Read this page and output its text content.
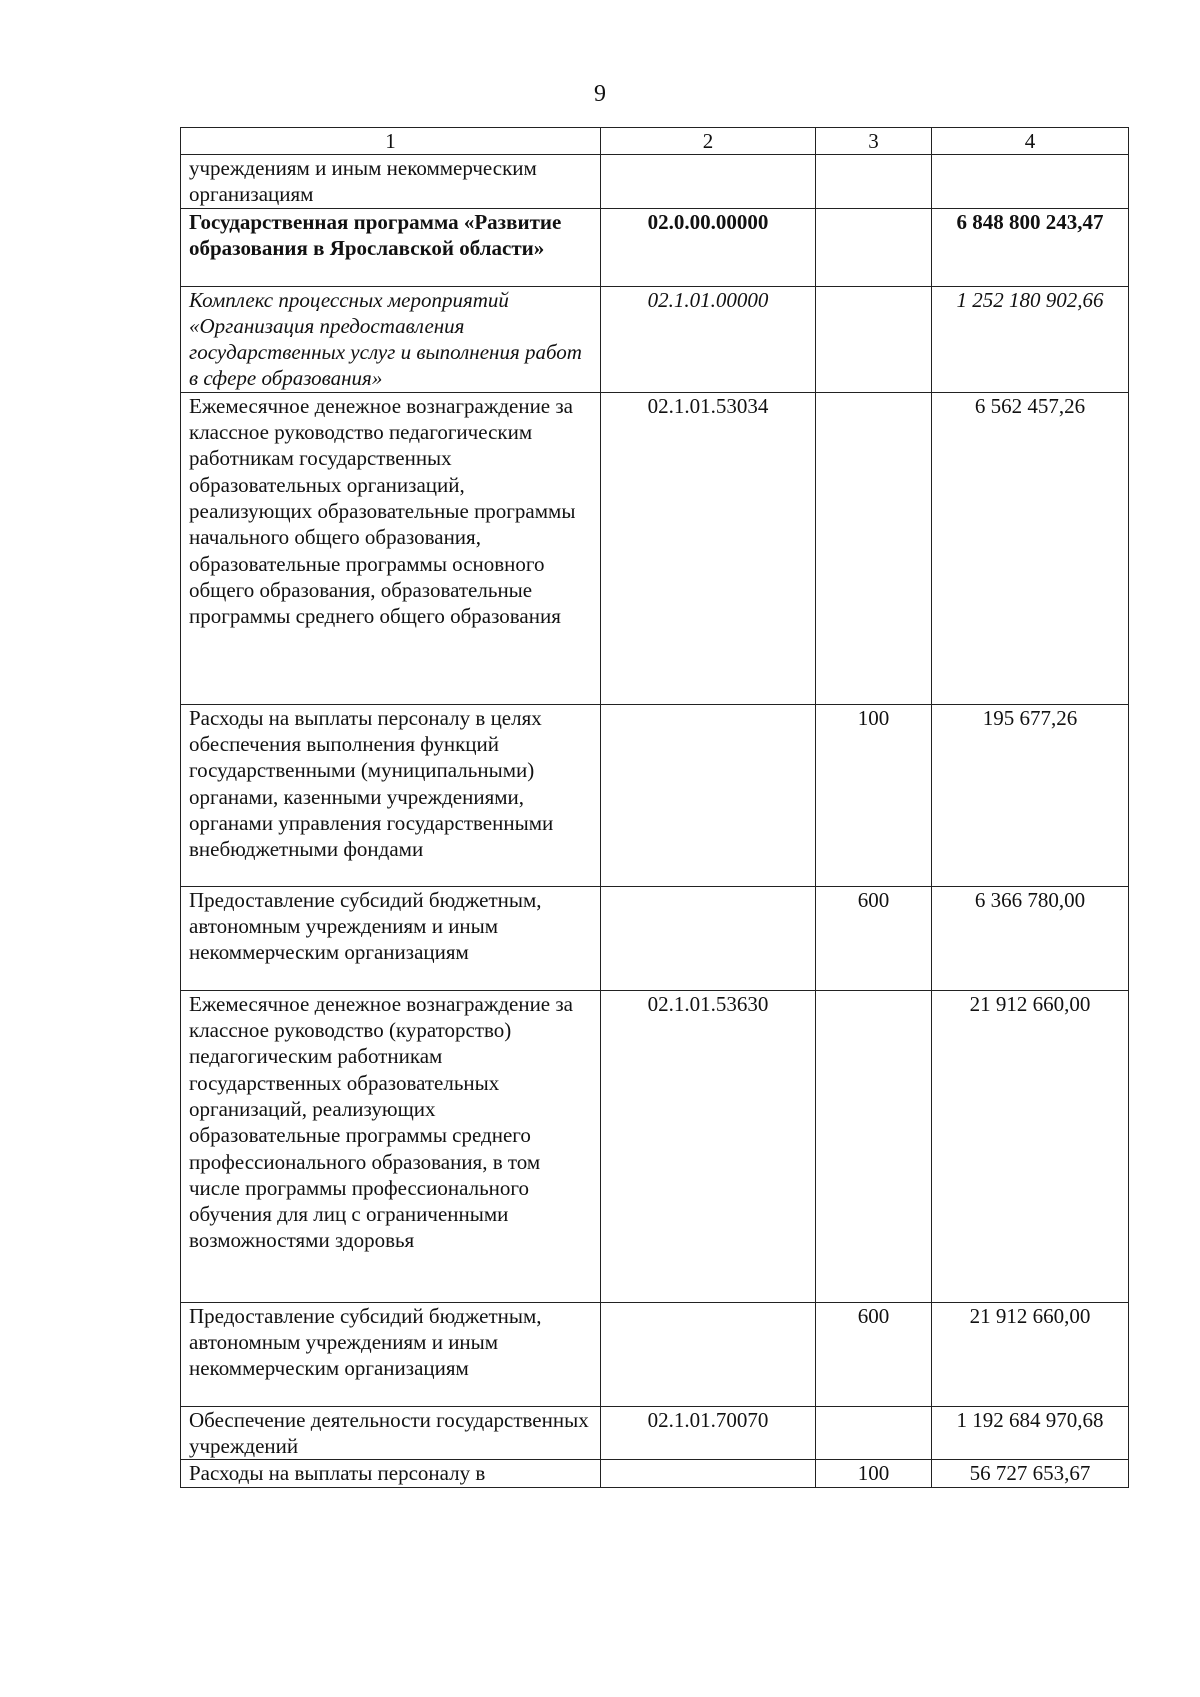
9
1	2	3	4
учреждениям и иным некоммерческим организациям			
Государственная программа «Развитие образования в Ярославской области»	02.0.00.00000		6 848 800 243,47
Комплекс процессных мероприятий «Организация предоставления государственных услуг и выполнения работ в сфере образования»	02.1.01.00000		1 252 180 902,66
Ежемесячное денежное вознаграждение за классное руководство педагогическим работникам государственных образовательных организаций, реализующих образовательные программы начального общего образования, образовательные программы основного общего образования, образовательные программы среднего общего образования	02.1.01.53034		6 562 457,26
Расходы на выплаты персоналу в целях обеспечения выполнения функций государственными (муниципальными) органами, казенными учреждениями, органами управления государственными внебюджетными фондами		100	195 677,26
Предоставление субсидий бюджетным, автономным учреждениям и иным некоммерческим организациям		600	6 366 780,00
Ежемесячное денежное вознаграждение за классное руководство (кураторство) педагогическим работникам государственных образовательных организаций, реализующих образовательные программы среднего профессионального образования, в том числе программы профессионального обучения для лиц с ограниченными возможностями здоровья	02.1.01.53630		21 912 660,00
Предоставление субсидий бюджетным, автономным учреждениям и иным некоммерческим организациям		600	21 912 660,00
Обеспечение деятельности государственных учреждений	02.1.01.70070		1 192 684 970,68
Расходы на выплаты персоналу в		100	56 727 653,67
